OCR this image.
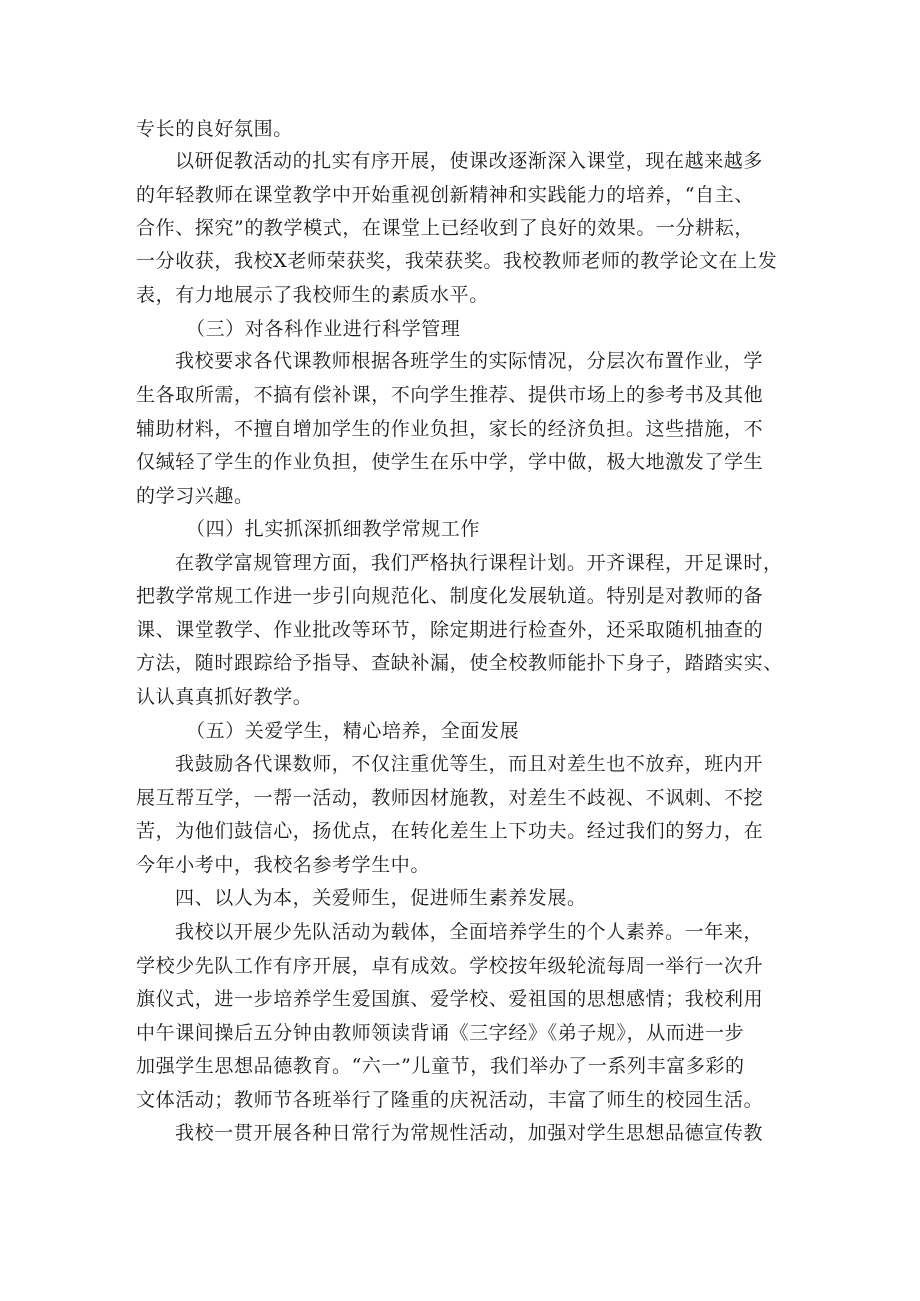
专长的良好氛围。
以研促教活动的扎实有序开展，使课改逐渐深入课堂，现在越来越多
的年轻教师在课堂教学中开始重视创新精神和实践能力的培养，“自主、
合作、探究”的教学模式，在课堂上已经收到了良好的效果。一分耕耘，
一分收获，我校X老师荣获奖，我荣获奖。我校教师老师的教学论文在上发
表，有力地展示了我校师生的素质水平。
（三）对各科作业进行科学管理
我校要求各代课教师根据各班学生的实际情况，分层次布置作业，学
生各取所需，不搞有偿补课，不向学生推荐、提供市场上的参考书及其他
辅助材料，不擅自增加学生的作业负担，家长的经济负担。这些措施，不
仅缄轻了学生的作业负担，使学生在乐中学，学中做，极大地激发了学生
的学习兴趣。
（四）扎实抓深抓细教学常规工作
在教学富规管理方面，我们严格执行课程计划。开齐课程，开足课时，
把教学常规工作进一步引向规范化、制度化发展轨道。特别是对教师的备
课、课堂教学、作业批改等环节，除定期进行检查外，还采取随机抽查的
方法，随时跟踪给予指导、查缺补漏，使全校教师能扑下身子，踏踏实实、
认认真真抓好教学。
（五）关爱学生，精心培养，全面发展
我鼓励各代课数师，不仅注重优等生，而且对差生也不放弃，班内开
展互帮互学，一帮一活动，教师因材施教，对差生不歧视、不讽刺、不挖
苦，为他们鼓信心，扬优点，在转化差生上下功夫。经过我们的努力，在
今年小考中，我校名参考学生中。
四、以人为本，关爱师生，促进师生素养发展。
我校以开展少先队活动为载体，全面培养学生的个人素养。一年来，
学校少先队工作有序开展，卓有成效。学校按年级轮流每周一举行一次升
旗仪式，进一步培养学生爱国旗、爱学校、爱祖国的思想感情；我校利用
中午课间操后五分钟由教师领读背诵《三字经》《弟子规》，从而进一步
加强学生思想品德教育。“六一”儿童节，我们举办了一系列丰富多彩的
文体活动；教师节各班举行了隆重的庆祝活动，丰富了师生的校园生活。
我校一贯开展各种日常行为常规性活动，加强对学生思想品德宣传教
